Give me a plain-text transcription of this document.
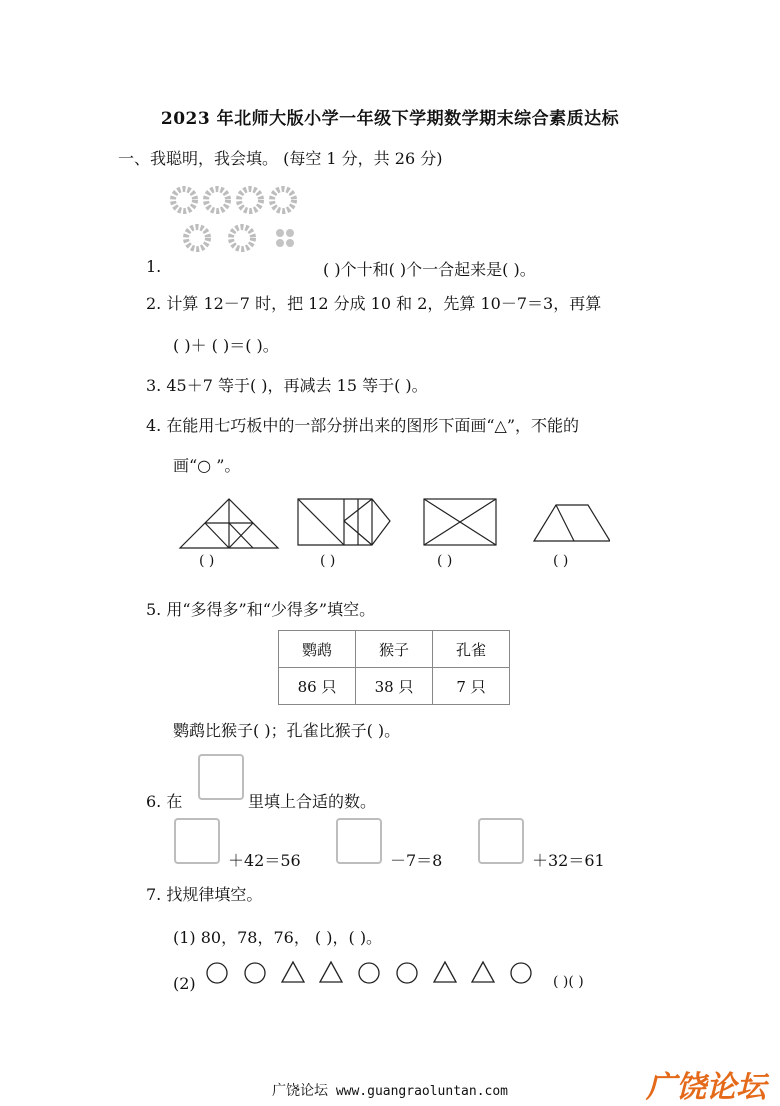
2023 年北师大版小学一年级下学期数学期末综合素质达标
一、我聪明，我会填。 (每空 1 分，共 26 分)
1.	( )个十和( )个一合起来是( )。
2. 计算 12－7 时，把 12 分成 10 和 2，先算 10－7＝3，再算
( )＋ ( )＝( )。
3. 45＋7 等于( )，再减去 15 等于( )。
4. 在能用七巧板中的一部分拼出来的图形下面画“△”，不能的
画“○ ”。
( )	( )	( )	( )
5. 用“多得多”和“少得多”填空。
鹦鹉	猴子	孔雀
86 只	38 只	7 只
鹦鹉比猴子( )；孔雀比猴子( )。
6. 在	里填上合适的数。
＋42＝56	－7＝8	＋32＝61
7. 找规律填空。
(1) 80，78，76， ( )，( )。
(2)	( )( )
广饶论坛 www.guangraoluntan.com	广饶论坛
